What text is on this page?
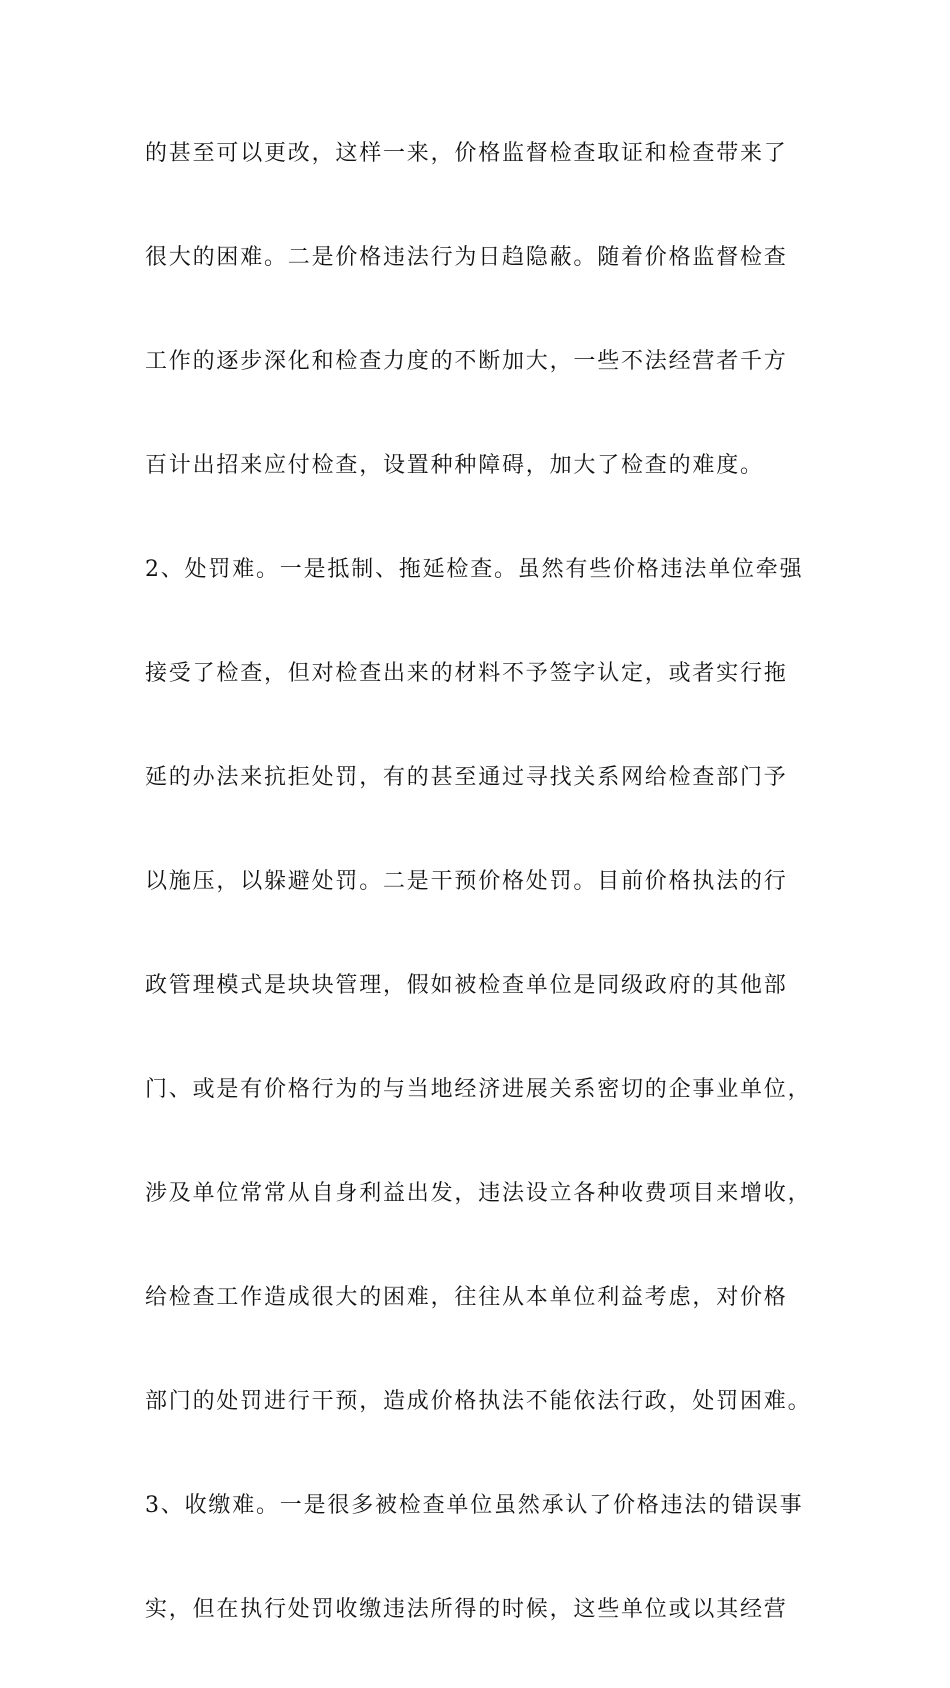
的甚至可以更改，这样一来，价格监督检查取证和检查带来了
很大的困难。二是价格违法行为日趋隐蔽。随着价格监督检查
工作的逐步深化和检查力度的不断加大，一些不法经营者千方
百计出招来应付检查，设置种种障碍，加大了检查的难度。
2、处罚难。一是抵制、拖延检查。虽然有些价格违法单位牵强
接受了检查，但对检查出来的材料不予签字认定，或者实行拖
延的办法来抗拒处罚，有的甚至通过寻找关系网给检查部门予
以施压，以躲避处罚。二是干预价格处罚。目前价格执法的行
政管理模式是块块管理，假如被检查单位是同级政府的其他部
门、或是有价格行为的与当地经济进展关系密切的企事业单位，
涉及单位常常从自身利益出发，违法设立各种收费项目来增收，
给检查工作造成很大的困难，往往从本单位利益考虑，对价格
部门的处罚进行干预，造成价格执法不能依法行政，处罚困难。
3、收缴难。一是很多被检查单位虽然承认了价格违法的错误事
实，但在执行处罚收缴违法所得的时候，这些单位或以其经营
